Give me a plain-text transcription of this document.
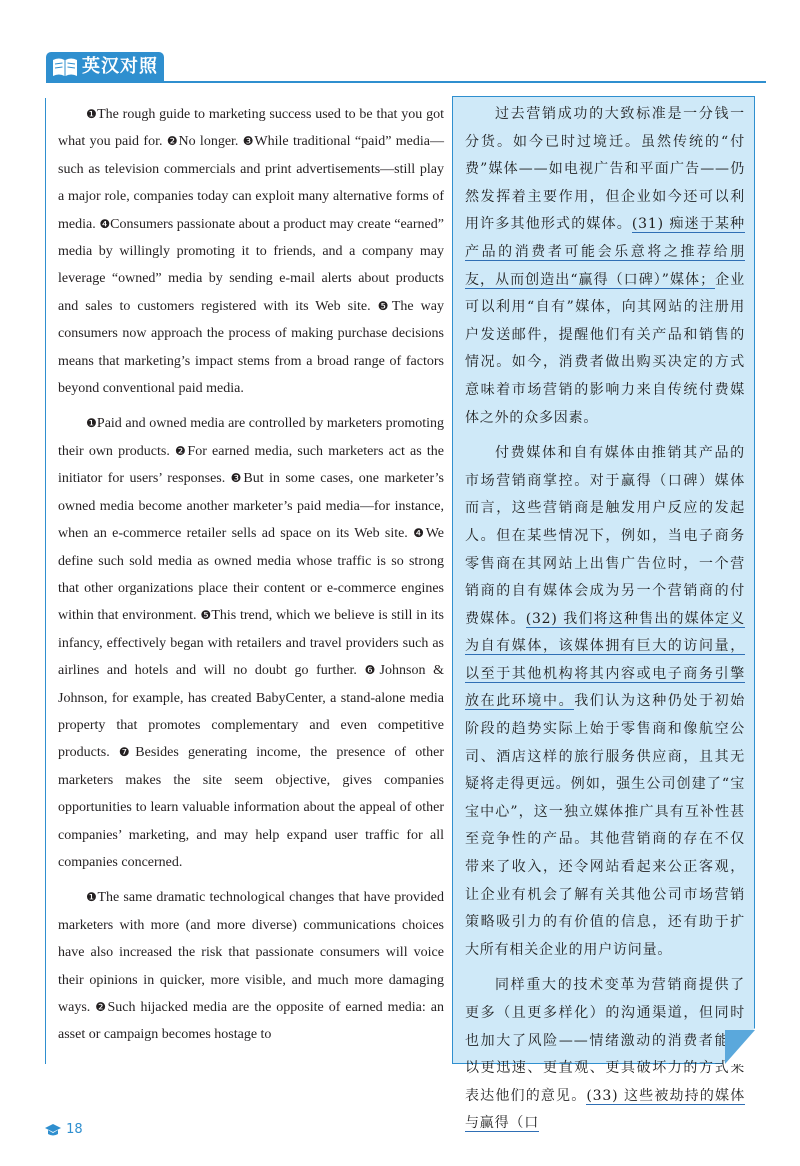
英汉对照

❶The rough guide to marketing success used to be that you got what you paid for. ❷No longer. ❸While traditional “paid” media—such as television commercials and print advertisements—still play a major role, companies today can exploit many alternative forms of media. ❹Consumers passionate about a product may create “earned” media by willingly promoting it to friends, and a company may leverage “owned” media by sending e-mail alerts about products and sales to customers registered with its Web site. ❺The way consumers now approach the process of making purchase decisions means that marketing’s impact stems from a broad range of factors beyond conventional paid media.

❶Paid and owned media are controlled by marketers promoting their own products. ❷For earned media, such marketers act as the initiator for users’ responses. ❸But in some cases, one marketer’s owned media become another marketer’s paid media—for instance, when an e-commerce retailer sells ad space on its Web site. ❹We define such sold media as owned media whose traffic is so strong that other organizations place their content or e-commerce engines within that environment. ❺This trend, which we believe is still in its infancy, effectively began with retailers and travel providers such as airlines and hotels and will no doubt go further. ❻Johnson & Johnson, for example, has created BabyCenter, a stand-alone media property that promotes complementary and even competitive products. ❼Besides generating income, the presence of other marketers makes the site seem objective, gives companies opportunities to learn valuable information about the appeal of other companies’ marketing, and may help expand user traffic for all companies concerned.

❶The same dramatic technological changes that have provided marketers with more (and more diverse) communications choices have also increased the risk that passionate consumers will voice their opinions in quicker, more visible, and much more damaging ways. ❷Such hijacked media are the opposite of earned media: an asset or campaign becomes hostage to

过去营销成功的大致标准是一分钱一分货。如今已时过境迁。虽然传统的“付费”媒体——如电视广告和平面广告——仍然发挥着主要作用，但企业如今还可以利用许多其他形式的媒体。(31) 痴迷于某种产品的消费者可能会乐意将之推荐给朋友，从而创造出“赢得（口碑）”媒体；企业可以利用“自有”媒体，向其网站的注册用户发送邮件，提醒他们有关产品和销售的情况。如今，消费者做出购买决定的方式意味着市场营销的影响力来自传统付费媒体之外的众多因素。

付费媒体和自有媒体由推销其产品的市场营销商掌控。对于赢得（口碑）媒体而言，这些营销商是触发用户反应的发起人。但在某些情况下，例如，当电子商务零售商在其网站上出售广告位时，一个营销商的自有媒体会成为另一个营销商的付费媒体。(32) 我们将这种售出的媒体定义为自有媒体，该媒体拥有巨大的访问量，以至于其他机构将其内容或电子商务引擎放在此环境中。我们认为这种仍处于初始阶段的趋势实际上始于零售商和像航空公司、酒店这样的旅行服务供应商，且其无疑将走得更远。例如，强生公司创建了“宝宝中心”，这一独立媒体推广具有互补性甚至竞争性的产品。其他营销商的存在不仅带来了收入，还令网站看起来公正客观，让企业有机会了解有关其他公司市场营销策略吸引力的有价值的信息，还有助于扩大所有相关企业的用户访问量。

同样重大的技术变革为营销商提供了更多（且更多样化）的沟通渠道，但同时也加大了风险——情绪激动的消费者能够以更迅速、更直观、更具破坏力的方式来表达他们的意见。(33) 这些被劫持的媒体与赢得（口

18
